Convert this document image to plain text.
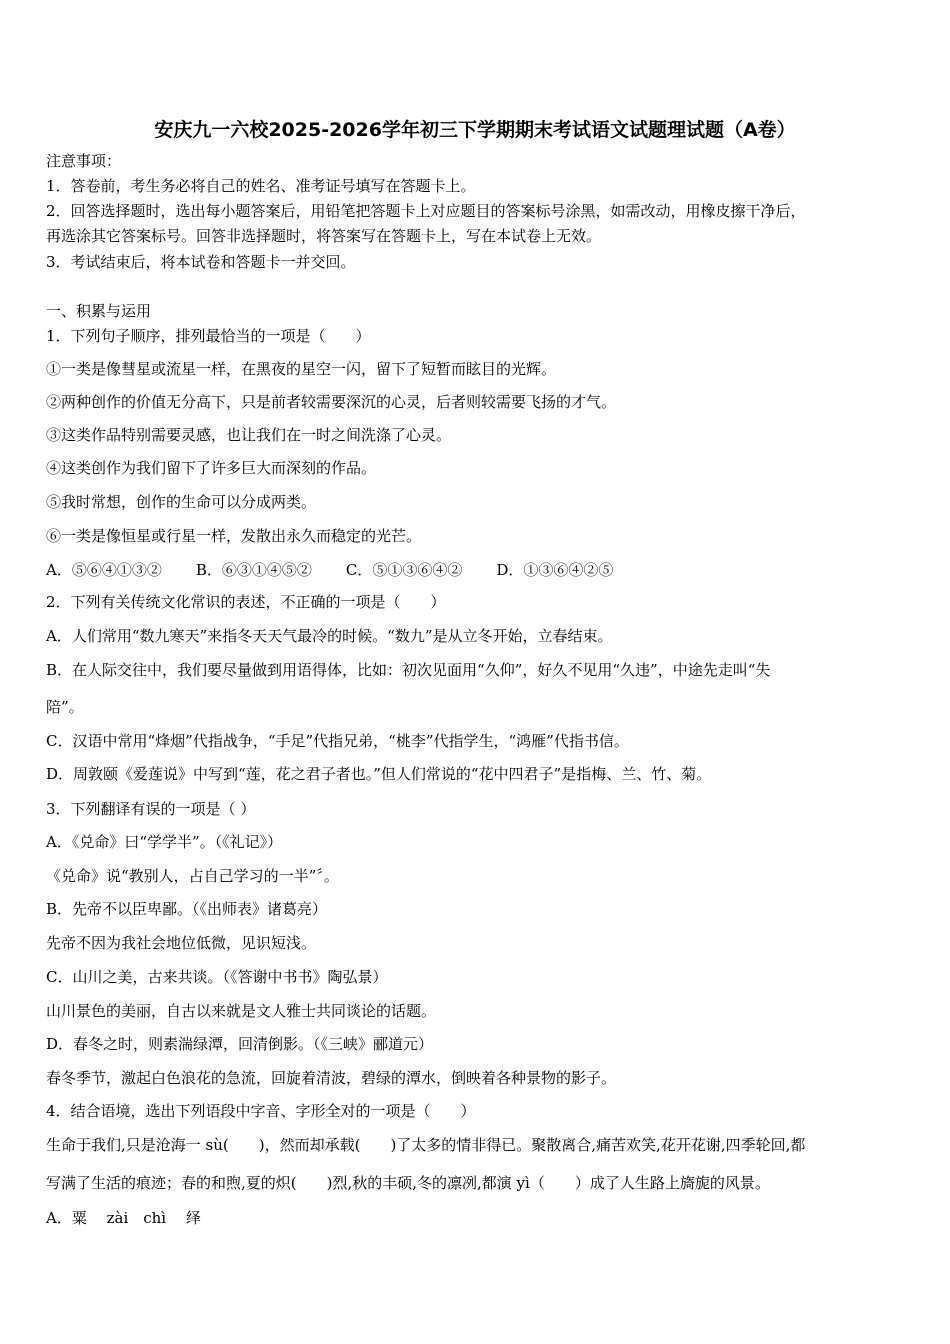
安庆九一六校2025-2026学年初三下学期期末考试语文试题理试题（A卷）
注意事项：
1．答卷前，考生务必将自己的姓名、准考证号填写在答题卡上。
2．回答选择题时，选出每小题答案后，用铅笔把答题卡上对应题目的答案标号涂黑，如需改动，用橡皮擦干净后，
再选涂其它答案标号。回答非选择题时，将答案写在答题卡上，写在本试卷上无效。
3．考试结束后，将本试卷和答题卡一并交回。
一、积累与运用
1．下列句子顺序，排列最恰当的一项是（　　）
①一类是像彗星或流星一样，在黑夜的星空一闪，留下了短暂而眩目的光辉。
②两种创作的价值无分高下，只是前者较需要深沉的心灵，后者则较需要飞扬的才气。
③这类作品特别需要灵感，也让我们在一时之间洗涤了心灵。
④这类创作为我们留下了许多巨大而深刻的作品。
⑤我时常想，创作的生命可以分成两类。
⑥一类是像恒星或行星一样，发散出永久而稳定的光芒。
A．⑤⑥④①③② B．⑥③①④⑤② C．⑤①③⑥④② D．①③⑥④②⑤
2．下列有关传统文化常识的表述，不正确的一项是（　　）
A．人们常用“数九寒天”来指冬天天气最冷的时候。“数九”是从立冬开始，立春结束。
B．在人际交往中，我们要尽量做到用语得体，比如：初次见面用“久仰”，好久不见用“久违”，中途先走叫“失
陪”。
C．汉语中常用“烽烟”代指战争，“手足”代指兄弟，“桃李”代指学生，“鸿雁”代指书信。
D．周敦颐《爱莲说》中写到“莲，花之君子者也。”但人们常说的“花中四君子”是指梅、兰、竹、菊。
3．下列翻译有误的一项是（ ）
A．《兑命》曰“学学半”。（《礼记》）
《兑命》说“教别人，占自己学习的一半”〞。
B．先帝不以臣卑鄙。（《出师表》诸葛亮）
先帝不因为我社会地位低微，见识短浅。
C．山川之美，古来共谈。（《答谢中书书》陶弘景）
山川景色的美丽，自古以来就是文人雅士共同谈论的话题。
D．春冬之时，则素湍绿潭，回清倒影。（《三峡》郦道元）
春冬季节，激起白色浪花的急流，回旋着清波，碧绿的潭水，倒映着各种景物的影子。
4．结合语境，选出下列语段中字音、字形全对的一项是（　　）
生命于我们,只是沧海一 sù(　　)，然而却承载(　　)了太多的情非得已。聚散离合,痛苦欢笑,花开花谢,四季轮回,都
写满了生活的痕迹；春的和煦,夏的炽(　　)烈,秋的丰硕,冬的凛冽,都演 yì（　　）成了人生路上旖旎的风景。
A．粟　 zài　chì　 绎
